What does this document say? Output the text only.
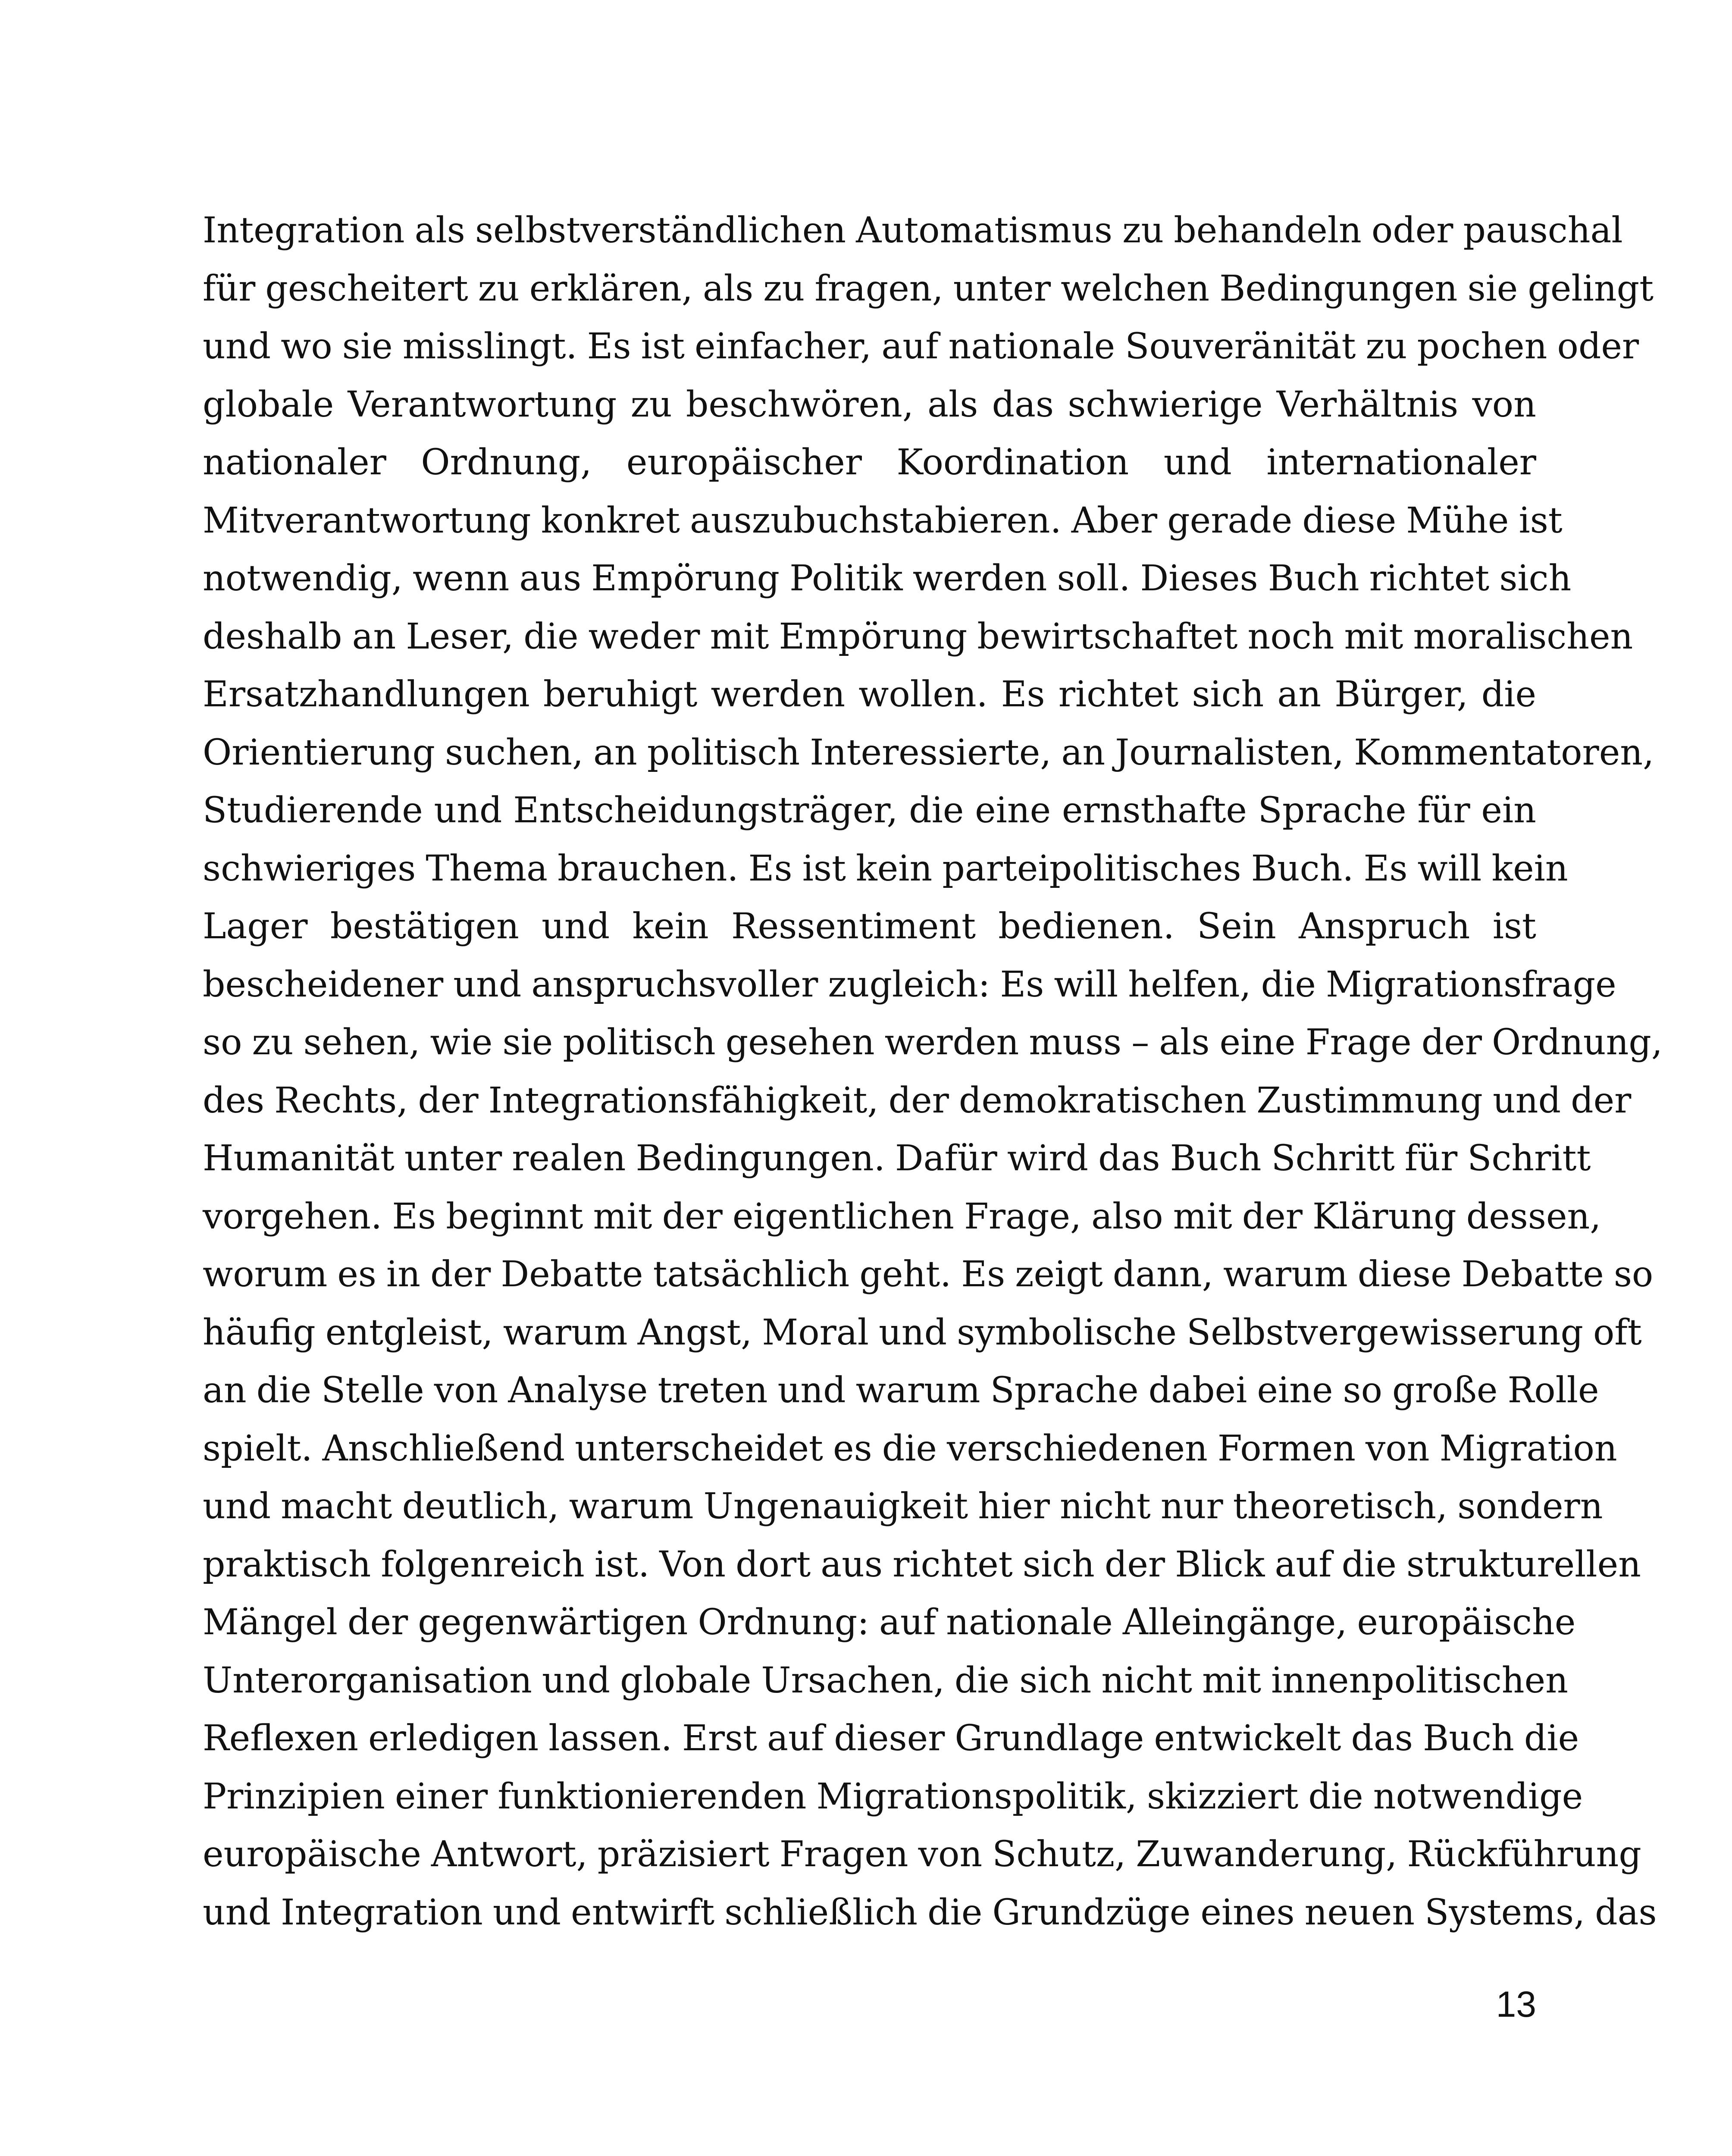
Integration als selbstverständlichen Automatismus zu behandeln oder pauschal
für gescheitert zu erklären, als zu fragen, unter welchen Bedingungen sie gelingt
und wo sie misslingt. Es ist einfacher, auf nationale Souveränität zu pochen oder
globale Verantwortung zu beschwören, als das schwierige Verhältnis von
nationaler Ordnung, europäischer Koordination und internationaler
Mitverantwortung konkret auszubuchstabieren. Aber gerade diese Mühe ist
notwendig, wenn aus Empörung Politik werden soll. Dieses Buch richtet sich
deshalb an Leser, die weder mit Empörung bewirtschaftet noch mit moralischen
Ersatzhandlungen beruhigt werden wollen. Es richtet sich an Bürger, die
Orientierung suchen, an politisch Interessierte, an Journalisten, Kommentatoren,
Studierende und Entscheidungsträger, die eine ernsthafte Sprache für ein
schwieriges Thema brauchen. Es ist kein parteipolitisches Buch. Es will kein
Lager bestätigen und kein Ressentiment bedienen. Sein Anspruch ist
bescheidener und anspruchsvoller zugleich: Es will helfen, die Migrationsfrage
so zu sehen, wie sie politisch gesehen werden muss – als eine Frage der Ordnung,
des Rechts, der Integrationsfähigkeit, der demokratischen Zustimmung und der
Humanität unter realen Bedingungen. Dafür wird das Buch Schritt für Schritt
vorgehen. Es beginnt mit der eigentlichen Frage, also mit der Klärung dessen,
worum es in der Debatte tatsächlich geht. Es zeigt dann, warum diese Debatte so
häufig entgleist, warum Angst, Moral und symbolische Selbstvergewisserung oft
an die Stelle von Analyse treten und warum Sprache dabei eine so große Rolle
spielt. Anschließend unterscheidet es die verschiedenen Formen von Migration
und macht deutlich, warum Ungenauigkeit hier nicht nur theoretisch, sondern
praktisch folgenreich ist. Von dort aus richtet sich der Blick auf die strukturellen
Mängel der gegenwärtigen Ordnung: auf nationale Alleingänge, europäische
Unterorganisation und globale Ursachen, die sich nicht mit innenpolitischen
Reflexen erledigen lassen. Erst auf dieser Grundlage entwickelt das Buch die
Prinzipien einer funktionierenden Migrationspolitik, skizziert die notwendige
europäische Antwort, präzisiert Fragen von Schutz, Zuwanderung, Rückführung
und Integration und entwirft schließlich die Grundzüge eines neuen Systems, das
13
